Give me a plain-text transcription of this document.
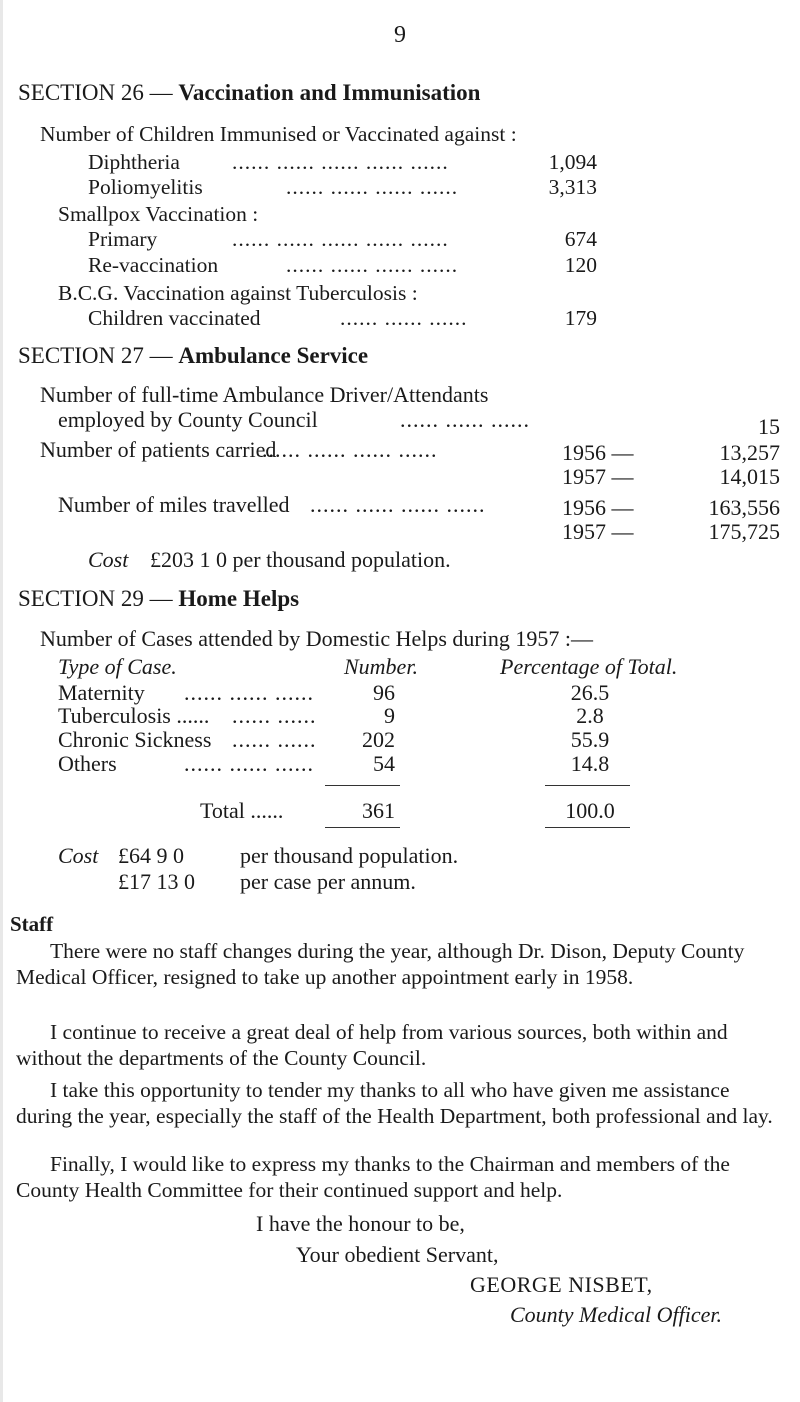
9
SECTION 26 — Vaccination and Immunisation
Number of Children Immunised or Vaccinated against :
Diphtheria ...... ...... ...... ...... ......	1,094
Poliomyelitis	...... ...... ...... ......	3,313
Smallpox Vaccination :
Primary	...... ...... ...... ...... ......	674
Re-vaccination	...... ...... ...... ......	120
B.C.G. Vaccination against Tuberculosis :
Children vaccinated	...... ...... ......	179
SECTION 27 — Ambulance Service
Number of full-time Ambulance Driver/Attendants
employed by County Council	...... ...... ......	15
Number of patients carried
...... ...... ...... ......	1956 —	13,257
1957 —	14,015
Number of miles travelled ...... ...... ...... ......	1956 —	163,556
1957 —	175,725
Cost £203 1 0 per thousand population.
SECTION 29 — Home Helps
Number of Cases attended by Domestic Helps during 1957 :—
Type of Case.	Number.	Percentage of Total.
Maternity ...... ...... ......	96	26.5
Tuberculosis ...... ...... ......	9	2.8
Chronic Sickness ...... ......	202	55.9
Others	...... ...... ......	54	14.8
Total ......	361	100.0
Cost £64 9 0	per thousand population.
£17 13 0 per case per annum.
Staff
There were no staff changes during the year, although Dr. Dison, Deputy County Medical Officer, resigned to take up another appointment early in 1958.
I continue to receive a great deal of help from various sources, both within and without the departments of the County Council.
I take this opportunity to tender my thanks to all who have given me assistance during the year, especially the staff of the Health Department, both professional and lay.
Finally, I would like to express my thanks to the Chairman and members of the County Health Committee for their continued support and help.
I have the honour to be,
Your obedient Servant,
GEORGE NISBET,
County Medical Officer.
